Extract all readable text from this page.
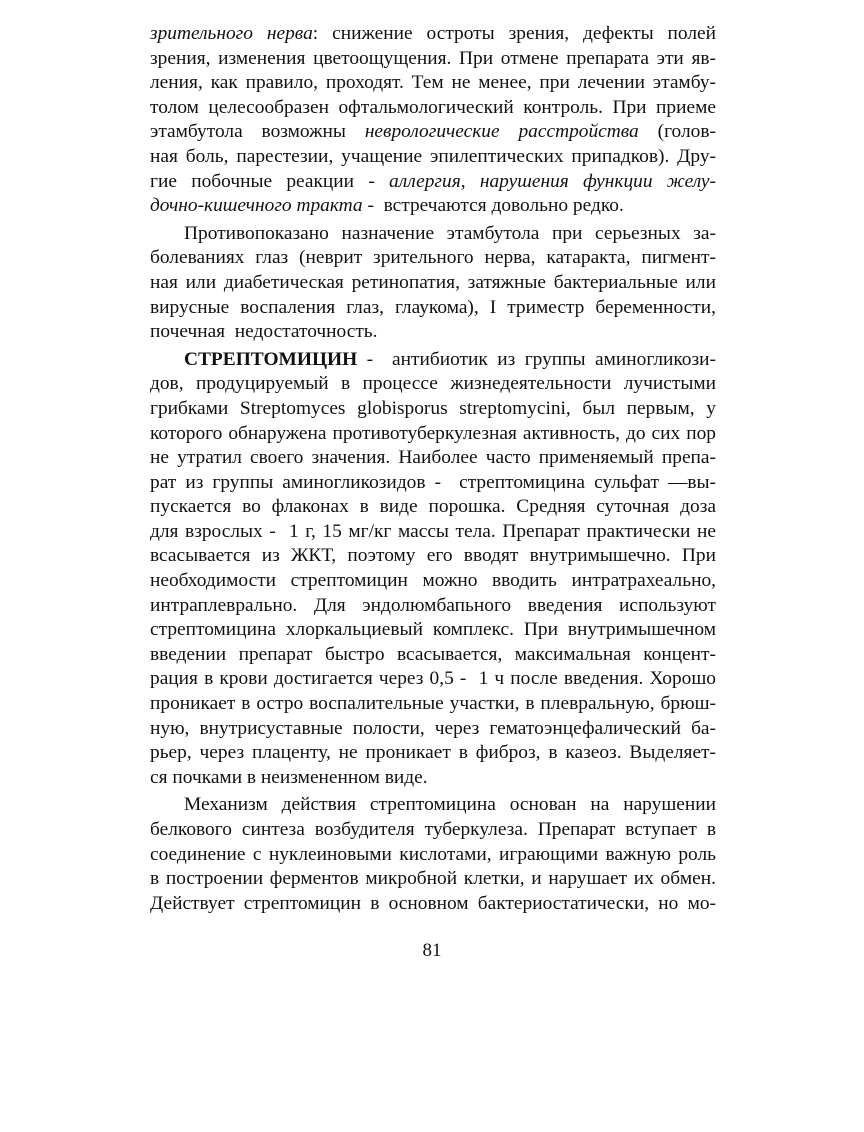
зрительного нерва: снижение остроты зрения, дефекты полей
зрения, изменения цветоощущения. При отмене препарата эти яв-
ления, как правило, проходят. Тем не менее, при лечении этамбу-
толом целесообразен офтальмологический контроль. При приеме
этамбутола возможны неврологические расстройства (голов-
ная боль, парестезии, учащение эпилептических припадков). Дру-
гие побочные реакции - аллергия, нарушения функции желу-
дочно-кишечного тракта -  встречаются довольно редко.
Противопоказано назначение этамбутола при серьезных за-
болеваниях глаз (неврит зрительного нерва, катаракта, пигмент-
ная или диабетическая ретинопатия, затяжные бактериальные или
вирусные воспаления глаз, глаукома), I триместр беременности,
почечная  недостаточность.
СТРЕПТОМИЦИН -  антибиотик из группы аминогликози-
дов, продуцируемый в процессе жизнедеятельности лучистыми
грибками Streptomyces globisporus streptomycini, был первым, у
которого обнаружена противотуберкулезная активность, до сих пор
не утратил своего значения. Наиболее часто применяемый препа-
рат из группы аминогликозидов -  стрептомицина сульфат —вы-
пускается во флаконах в виде порошка. Средняя суточная доза
для взрослых -  1 г, 15 мг/кг массы тела. Препарат практически не
всасывается из ЖКТ, поэтому его вводят внутримышечно. При
необходимости стрептомицин можно вводить интратрахеально,
интраплеврально. Для эндолюмбапьного введения используют
стрептомицина хлоркальциевый комплекс. При внутримышечном
введении препарат быстро всасывается, максимальная концент-
рация в крови достигается через 0,5 -  1 ч после введения. Хорошо
проникает в остро воспалительные участки, в плевральную, брюш-
ную, внутрисуставные полости, через гематоэнцефалический ба-
рьер, через плаценту, не проникает в фиброз, в казеоз. Выделяет-
ся почками в неизмененном виде.
Механизм действия стрептомицина основан на нарушении
белкового синтеза возбудителя туберкулеза. Препарат вступает в
соединение с нуклеиновыми кислотами, играющими важную роль
в построении ферментов микробной клетки, и нарушает их обмен.
Действует стрептомицин в основном бактериостатически, но мо-
81
